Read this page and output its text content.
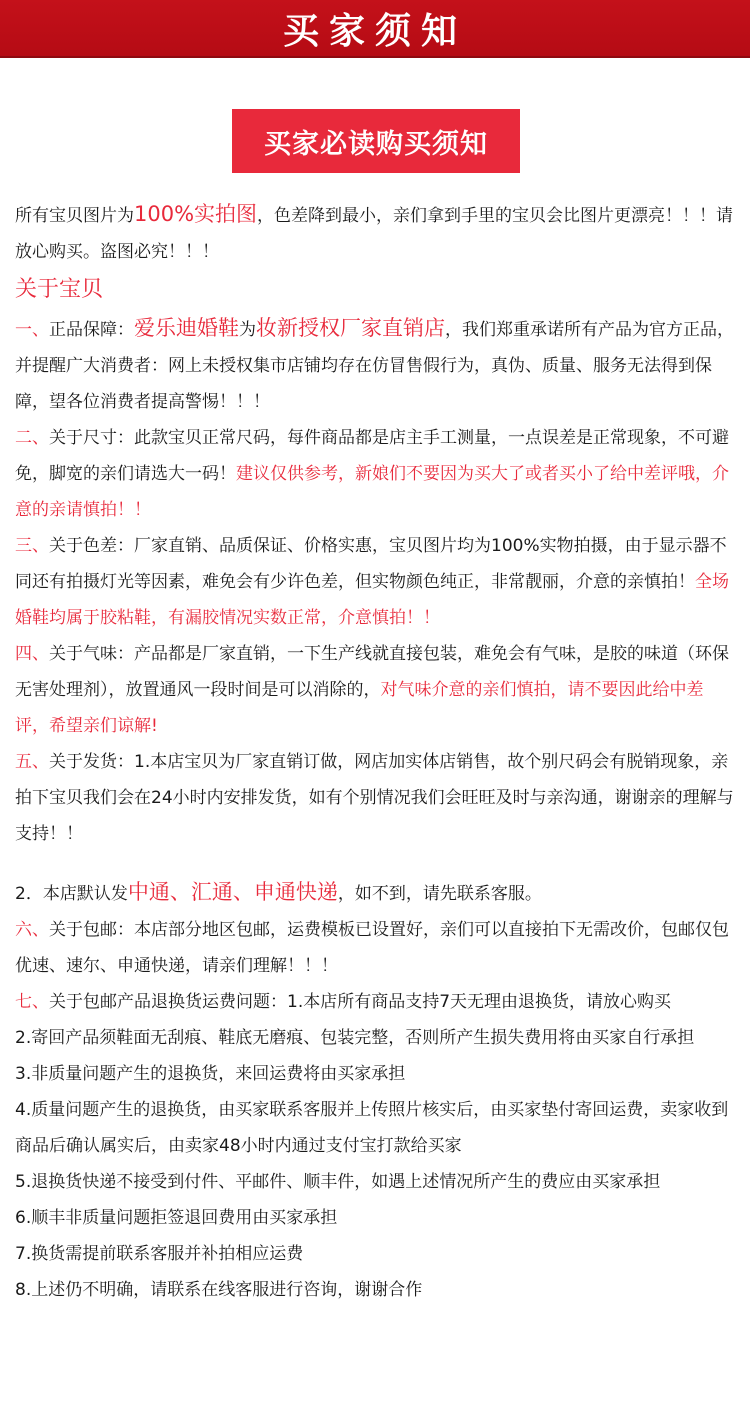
买家须知
买家必读购买须知

所有宝贝图片为100%实拍图，色差降到最小，亲们拿到手里的宝贝会比图片更漂亮！！！请放心购买。盗图必究！！！

关于宝贝

一、正品保障：爱乐迪婚鞋为妆新授权厂家直销店，我们郑重承诺所有产品为官方正品，并提醒广大消费者：网上未授权集市店铺均存在仿冒售假行为，真伪、质量、服务无法得到保障，望各位消费者提高警惕！！！

二、关于尺寸：此款宝贝正常尺码，每件商品都是店主手工测量，一点误差是正常现象，不可避免，脚宽的亲们请选大一码！建议仅供参考，新娘们不要因为买大了或者买小了给中差评哦，介意的亲请慎拍！！

三、关于色差：厂家直销、品质保证、价格实惠，宝贝图片均为100%实物拍摄，由于显示器不同还有拍摄灯光等因素，难免会有少许色差，但实物颜色纯正，非常靓丽，介意的亲慎拍！全场婚鞋均属于胶粘鞋，有漏胶情况实数正常，介意慎拍！！

四、关于气味：产品都是厂家直销，一下生产线就直接包装，难免会有气味，是胶的味道（环保无害处理剂），放置通风一段时间是可以消除的，对气味介意的亲们慎拍，请不要因此给中差评，希望亲们谅解!

五、关于发货：1.本店宝贝为厂家直销订做，网店加实体店销售，故个别尺码会有脱销现象，亲拍下宝贝我们会在24小时内安排发货，如有个别情况我们会旺旺及时与亲沟通，谢谢亲的理解与支持！！

2．本店默认发中通、汇通、申通快递，如不到，请先联系客服。

六、关于包邮：本店部分地区包邮，运费模板已设置好，亲们可以直接拍下无需改价，包邮仅包优速、速尔、申通快递，请亲们理解！！！

七、关于包邮产品退换货运费问题：1.本店所有商品支持7天无理由退换货，请放心购买

2.寄回产品须鞋面无刮痕、鞋底无磨痕、包装完整，否则所产生损失费用将由买家自行承担

3.非质量问题产生的退换货，来回运费将由买家承担

4.质量问题产生的退换货，由买家联系客服并上传照片核实后，由买家垫付寄回运费，卖家收到商品后确认属实后，由卖家48小时内通过支付宝打款给买家

5.退换货快递不接受到付件、平邮件、顺丰件，如遇上述情况所产生的费应由买家承担

6.顺丰非质量问题拒签退回费用由买家承担

7.换货需提前联系客服并补拍相应运费

8.上述仍不明确，请联系在线客服进行咨询，谢谢合作
